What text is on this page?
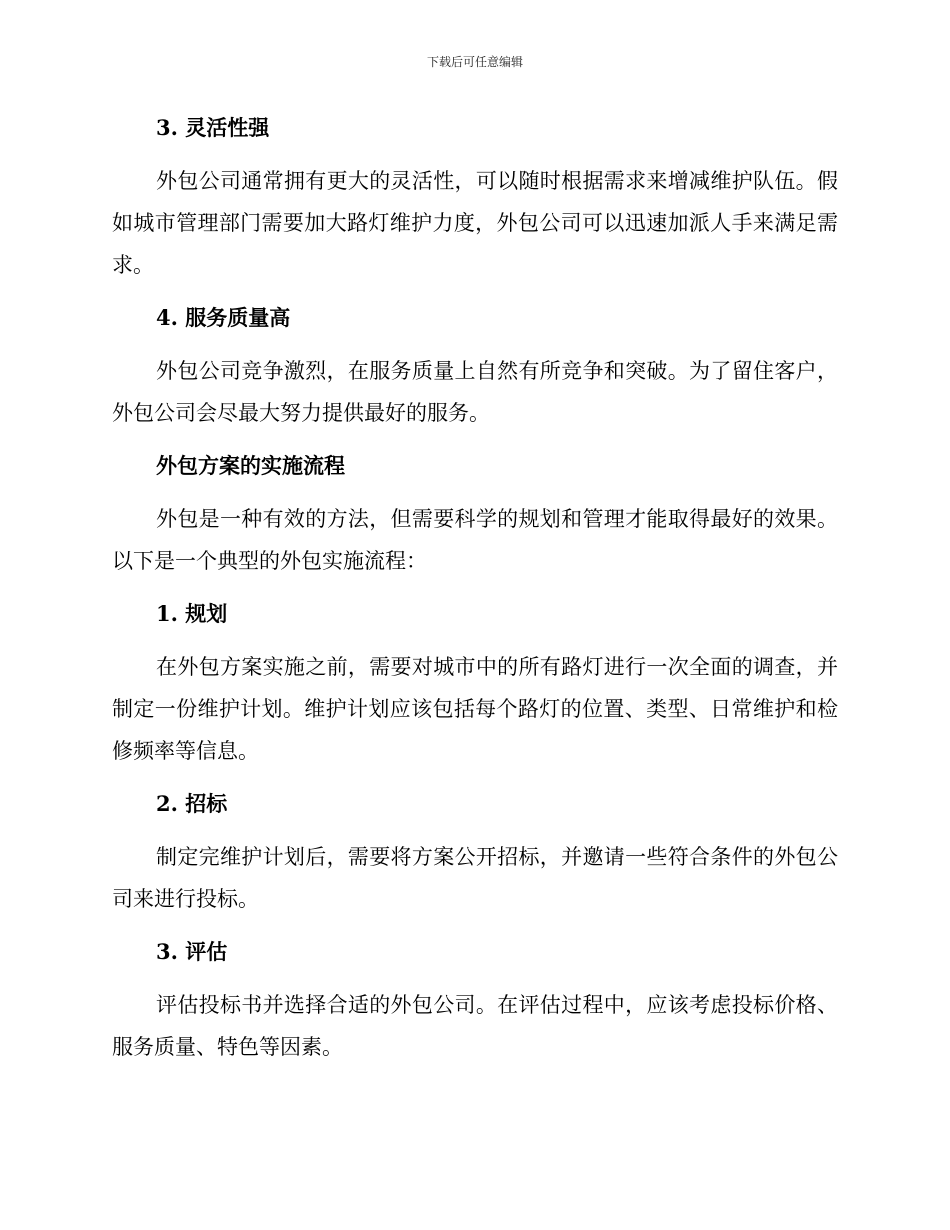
下载后可任意编辑
3. 灵活性强

外包公司通常拥有更大的灵活性，可以随时根据需求来增减维护队伍。假如城市管理部门需要加大路灯维护力度，外包公司可以迅速加派人手来满足需求。

4. 服务质量高

外包公司竞争激烈，在服务质量上自然有所竞争和突破。为了留住客户，外包公司会尽最大努力提供最好的服务。

外包方案的实施流程

外包是一种有效的方法，但需要科学的规划和管理才能取得最好的效果。以下是一个典型的外包实施流程：

1. 规划

在外包方案实施之前，需要对城市中的所有路灯进行一次全面的调查，并制定一份维护计划。维护计划应该包括每个路灯的位置、类型、日常维护和检修频率等信息。

2. 招标

制定完维护计划后，需要将方案公开招标，并邀请一些符合条件的外包公司来进行投标。

3. 评估

评估投标书并选择合适的外包公司。在评估过程中，应该考虑投标价格、服务质量、特色等因素。
